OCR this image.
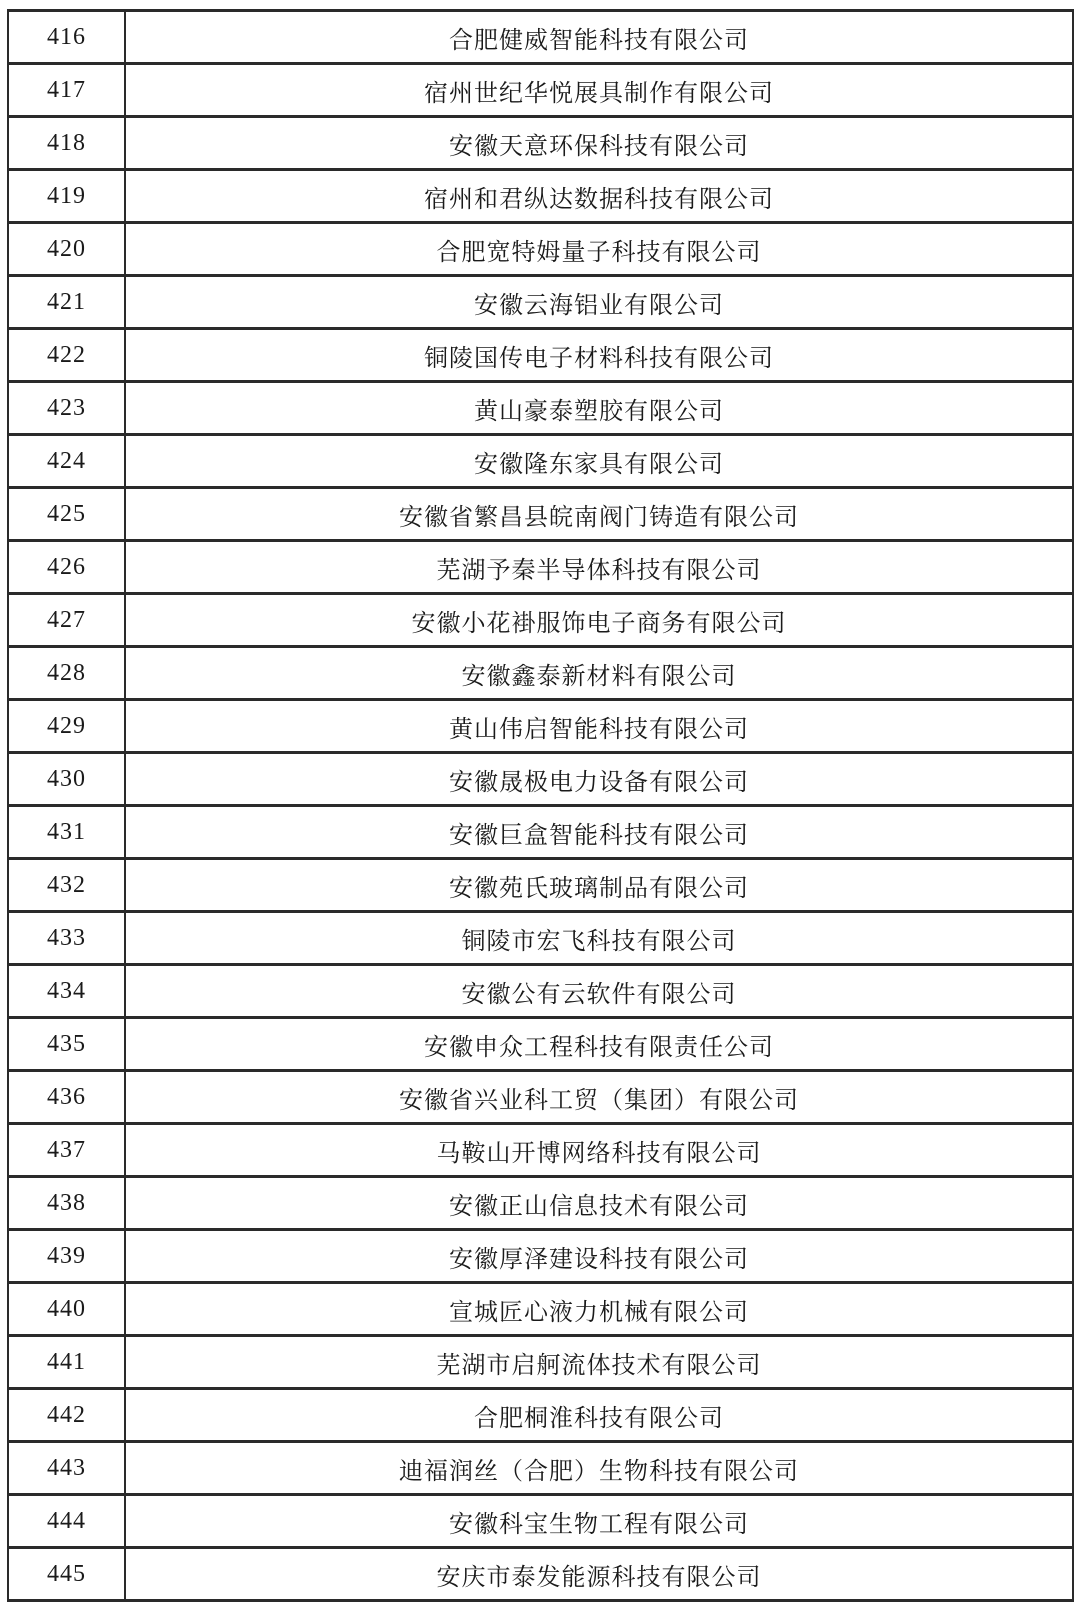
416	合肥健威智能科技有限公司
417	宿州世纪华悦展具制作有限公司
418	安徽天意环保科技有限公司
419	宿州和君纵达数据科技有限公司
420	合肥宽特姆量子科技有限公司
421	安徽云海铝业有限公司
422	铜陵国传电子材料科技有限公司
423	黄山豪泰塑胶有限公司
424	安徽隆东家具有限公司
425	安徽省繁昌县皖南阀门铸造有限公司
426	芜湖予秦半导体科技有限公司
427	安徽小花褂服饰电子商务有限公司
428	安徽鑫泰新材料有限公司
429	黄山伟启智能科技有限公司
430	安徽晟极电力设备有限公司
431	安徽巨盒智能科技有限公司
432	安徽苑氏玻璃制品有限公司
433	铜陵市宏飞科技有限公司
434	安徽公有云软件有限公司
435	安徽申众工程科技有限责任公司
436	安徽省兴业科工贸（集团）有限公司
437	马鞍山开博网络科技有限公司
438	安徽正山信息技术有限公司
439	安徽厚泽建设科技有限公司
440	宣城匠心液力机械有限公司
441	芜湖市启舸流体技术有限公司
442	合肥桐淮科技有限公司
443	迪福润丝（合肥）生物科技有限公司
444	安徽科宝生物工程有限公司
445	安庆市泰发能源科技有限公司
